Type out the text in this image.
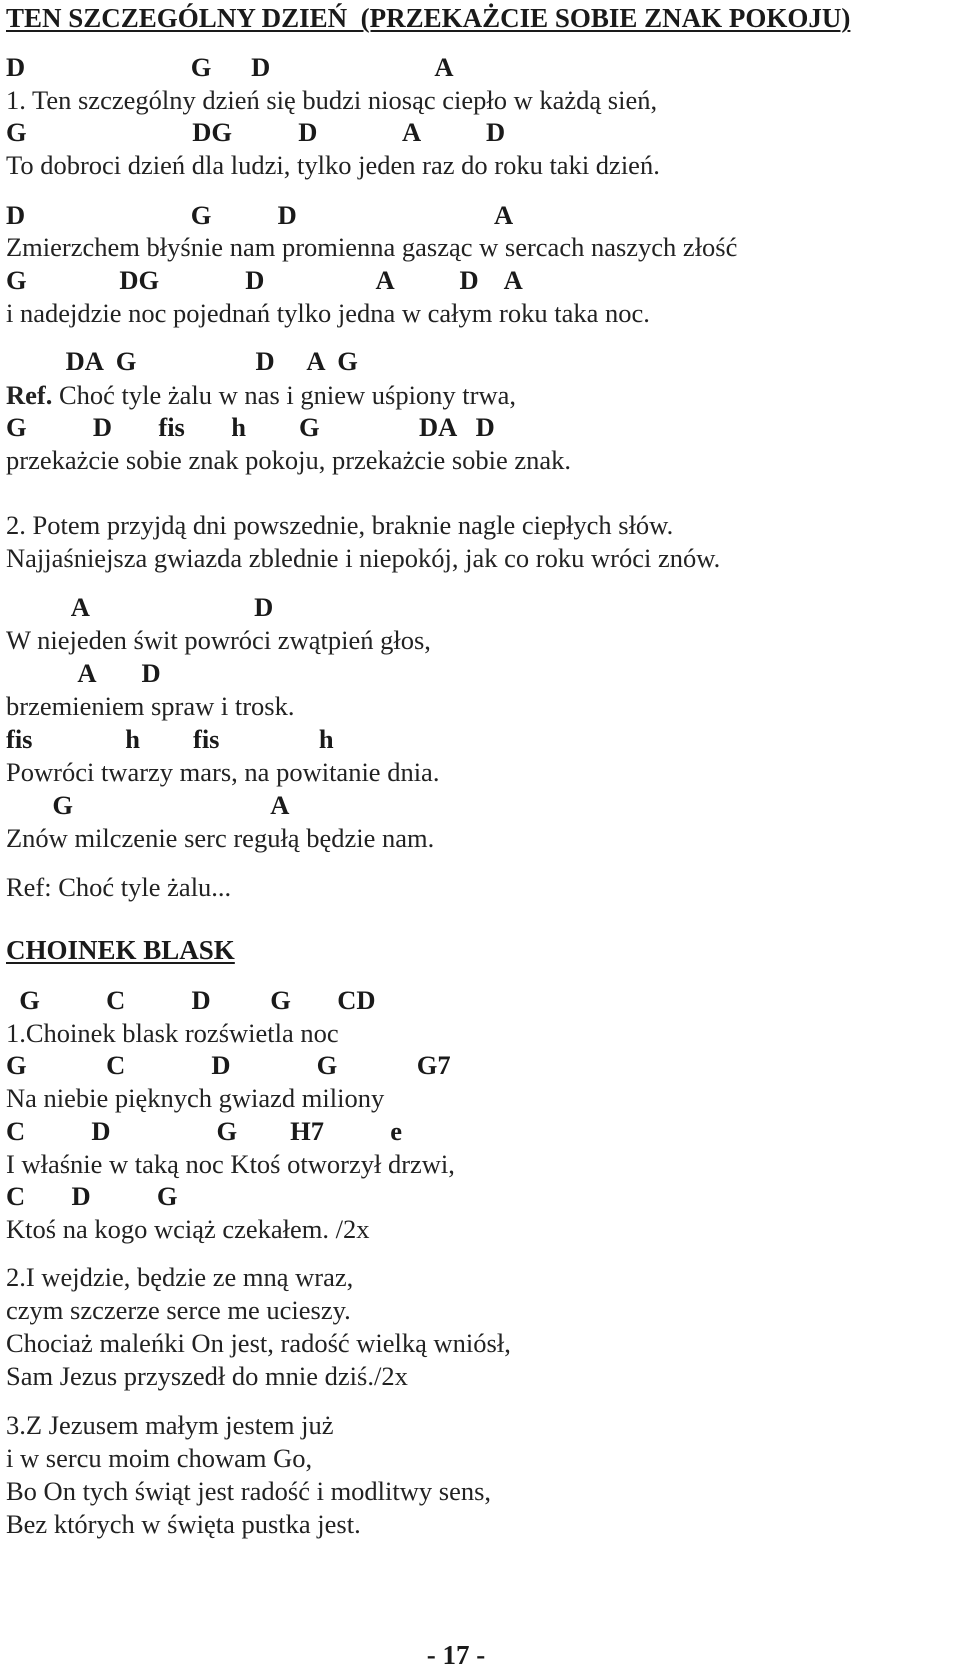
TEN SZCZEGÓLNY DZIEŃ  (PRZEKAŻCIE SOBIE ZNAK POKOJU)
D                         G      D                         A
1. Ten szczególny dzień się budzi niosąc ciepło w każdą sień,
G                         DG          D             A          D
To dobroci dzień dla ludzi, tylko jeden raz do roku taki dzień.
D                         G          D                              A
Zmierzchem błyśnie nam promienna gasząc w sercach naszych złość
G              DG             D                 A          D    A
i nadejdzie noc pojednań tylko jedna w całym roku taka noc.
DA  G                  D     A  G
Ref. Choć tyle żalu w nas i gniew uśpiony trwa,
G          D       fis       h        G               DA   D
przekażcie sobie znak pokoju, przekażcie sobie znak.
2. Potem przyjdą dni powszednie, braknie nagle ciepłych słów.
Najjaśniejsza gwiazda zblednie i niepokój, jak co roku wróci znów.
A                         D
W niejeden świt powróci zwątpień głos,
A       D
brzemieniem spraw i trosk.
fis              h        fis               h
Powróci twarzy mars, na powitanie dnia.
G                              A
Znów milczenie serc regułą będzie nam.
Ref: Choć tyle żalu...
CHOINEK BLASK
G          C          D         G       CD
1.Choinek blask rozświetla noc
G            C             D             G            G7
Na niebie pięknych gwiazd miliony
C          D                G        H7          e
I właśnie w taką noc Ktoś otworzył drzwi,
C       D          G
Ktoś na kogo wciąż czekałem. /2x
2.I wejdzie, będzie ze mną wraz,
czym szczerze serce me ucieszy.
Chociaż maleńki On jest, radość wielką wniósł,
Sam Jezus przyszedł do mnie dziś./2x
3.Z Jezusem małym jestem już
i w sercu moim chowam Go,
Bo On tych świąt jest radość i modlitwy sens,
Bez których w święta pustka jest.
- 17 -
